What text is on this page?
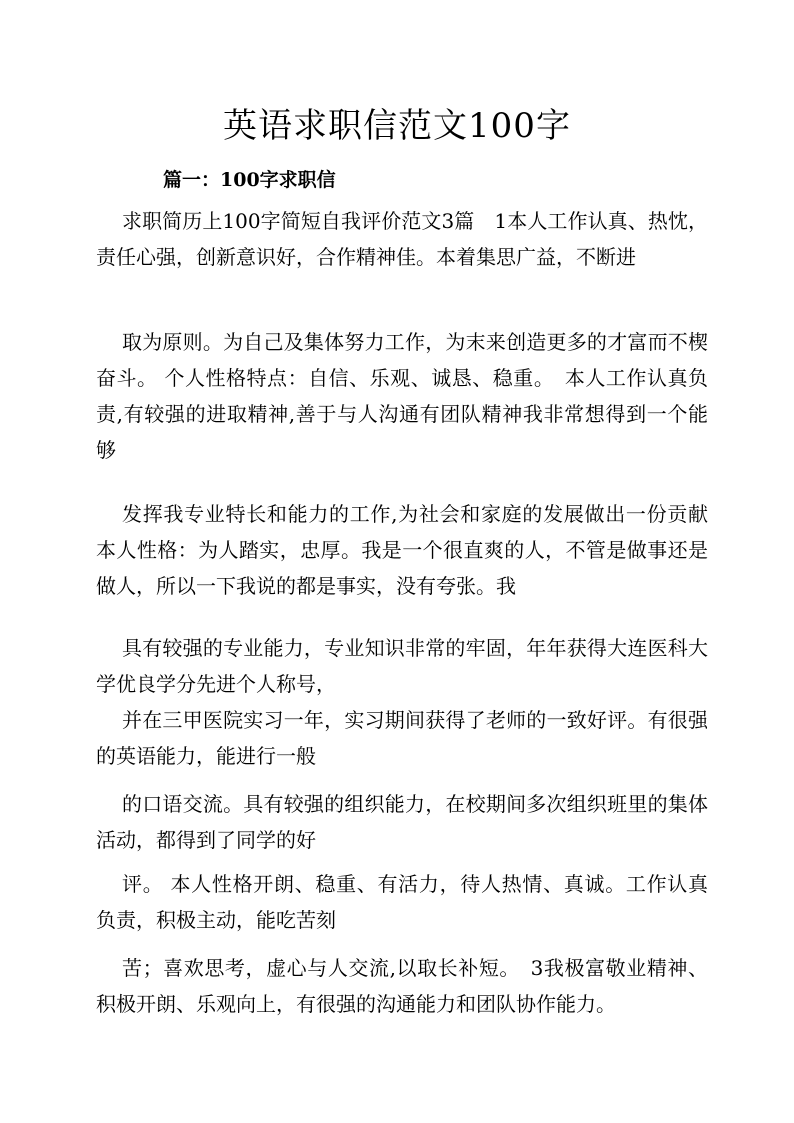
英语求职信范文100字
篇一：100字求职信

求职简历上100字简短自我评价范文3篇　1本人工作认真、热忱，责任心强，创新意识好，合作精神佳。本着集思广益，不断进

取为原则。为自己及集体努力工作，为末来创造更多的才富而不楔奋斗。 个人性格特点：自信、乐观、诚恳、稳重。　本人工作认真负责,有较强的进取精神,善于与人沟通有团队精神我非常想得到一个能够

发挥我专业特长和能力的工作,为社会和家庭的发展做出一份贡献　本人性格：为人踏实，忠厚。我是一个很直爽的人，不管是做事还是做人，所以一下我说的都是事实，没有夸张。我

具有较强的专业能力，专业知识非常的牢固，年年获得大连医科大学优良学分先进个人称号，

并在三甲医院实习一年，实习期间获得了老师的一致好评。有很强的英语能力，能进行一般

的口语交流。具有较强的组织能力，在校期间多次组织班里的集体活动，都得到了同学的好

评。 本人性格开朗、稳重、有活力，待人热情、真诚。工作认真负责，积极主动，能吃苦刻

苦；喜欢思考，虚心与人交流,以取长补短。　3我极富敬业精神、积极开朗、乐观向上，有很强的沟通能力和团队协作能力。
